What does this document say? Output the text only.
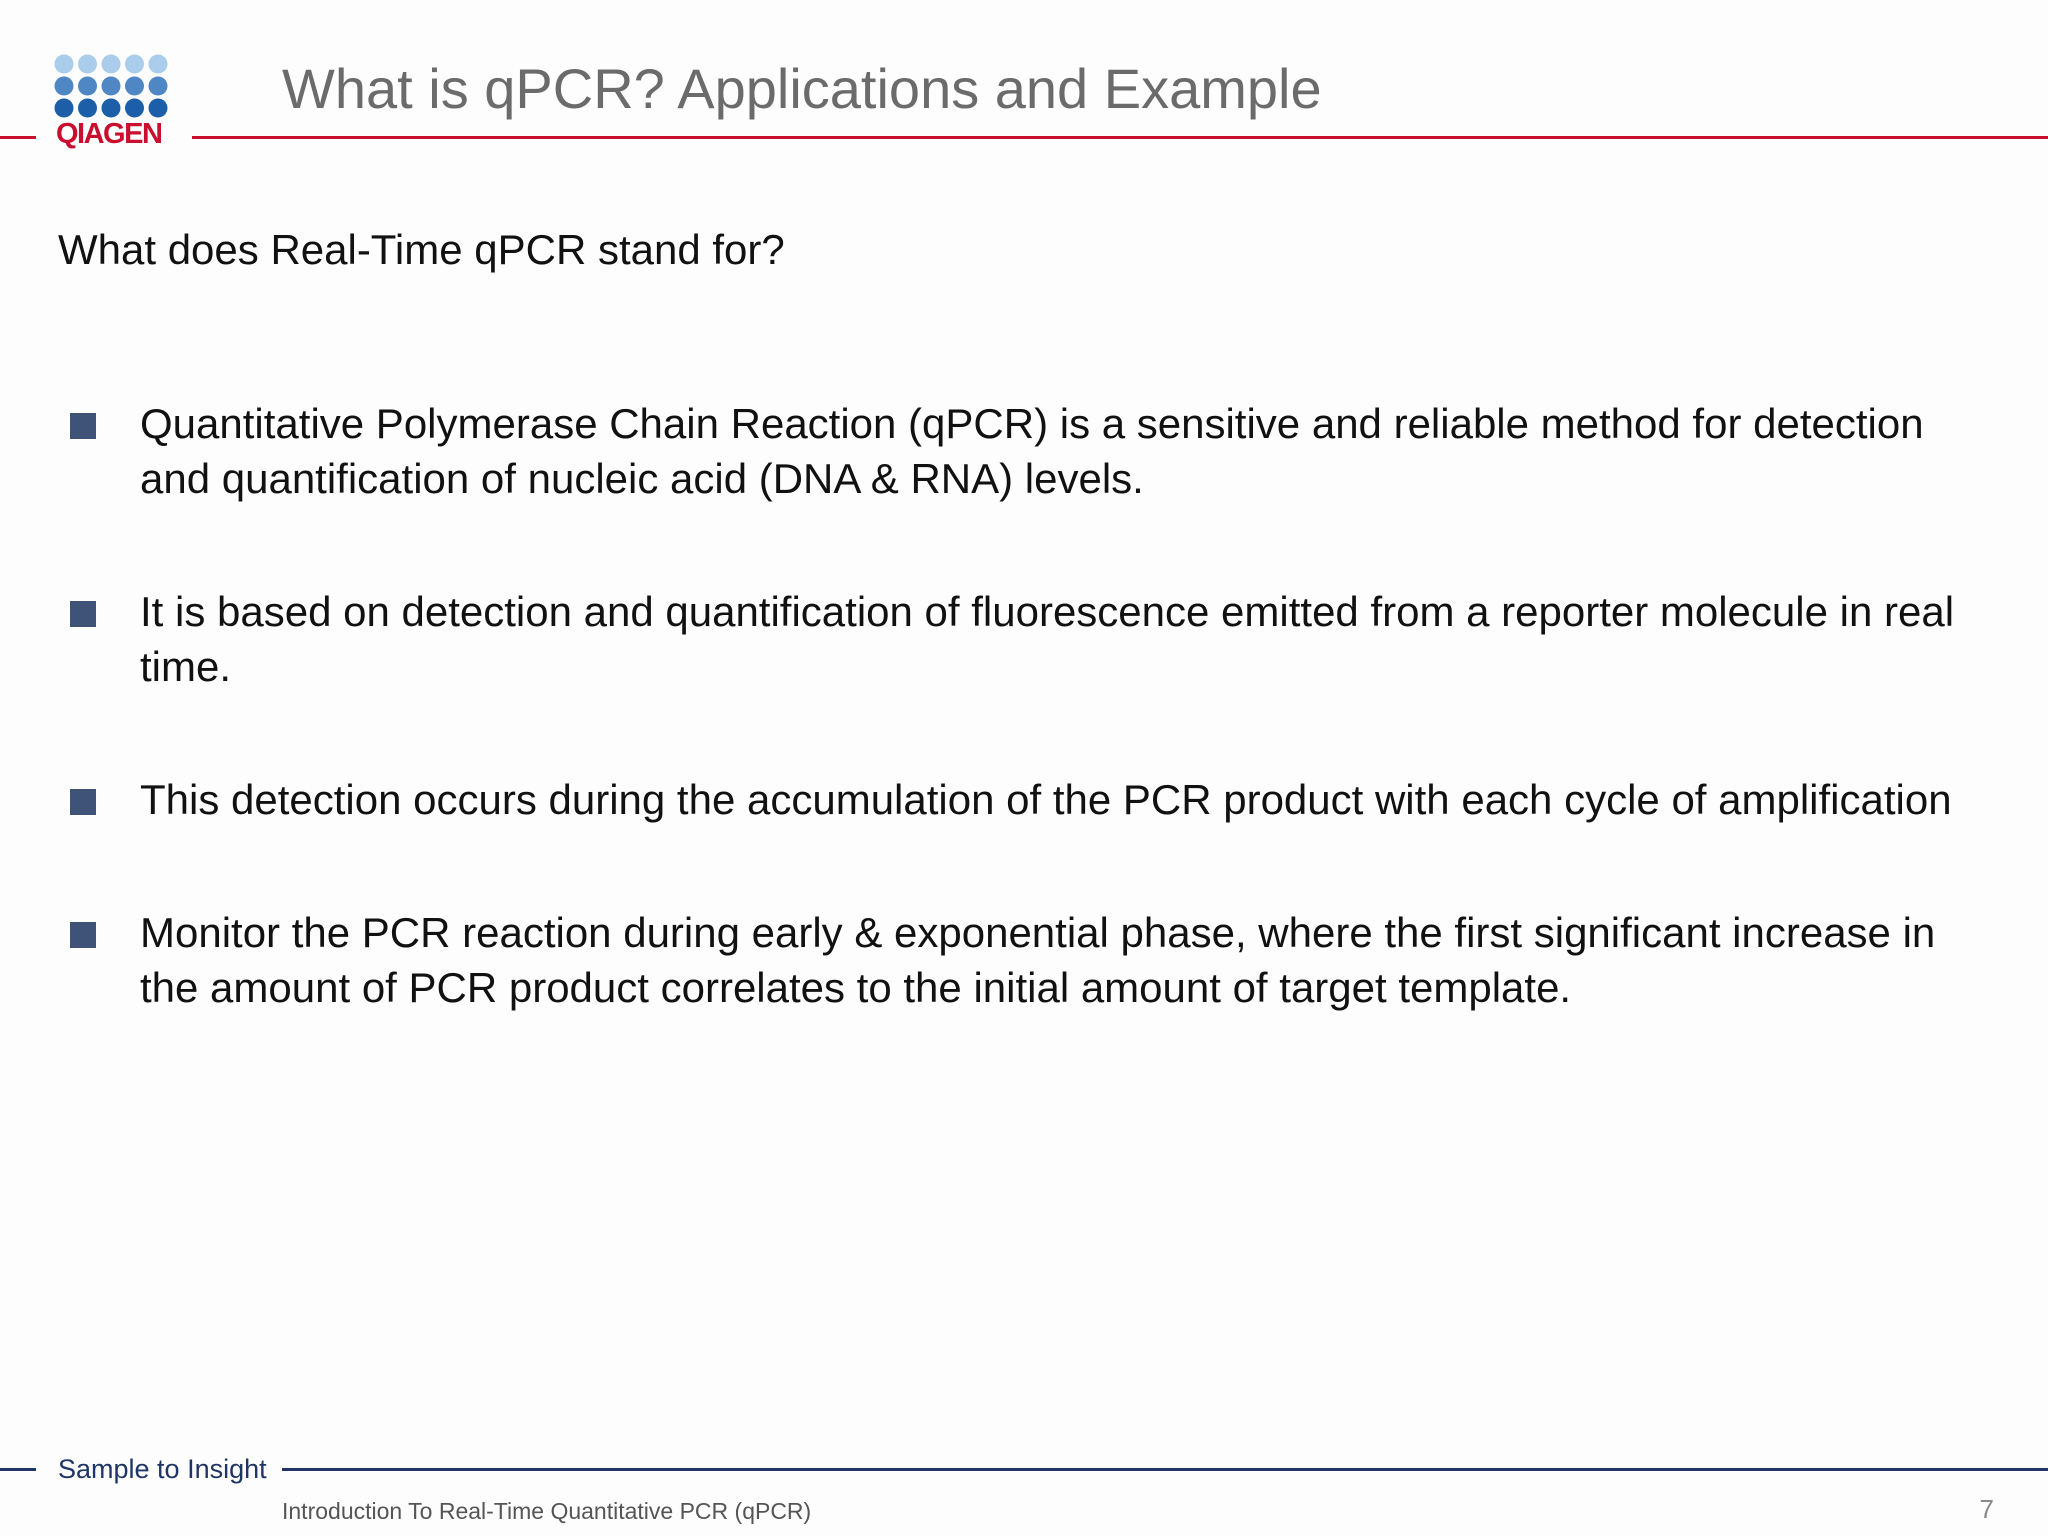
QIAGEN
What is qPCR? Applications and Example
What does Real-Time qPCR stand for?
Quantitative Polymerase Chain Reaction (qPCR) is a sensitive and reliable method for detection and quantification of nucleic acid (DNA & RNA) levels.
It is based on detection and quantification of fluorescence emitted from a reporter molecule in real time.
This detection occurs during the accumulation of the PCR product with each cycle of amplification
Monitor the PCR reaction during early & exponential phase, where the first significant increase in the amount of PCR product correlates to the initial amount of target template.
Sample to Insight
Introduction To Real-Time Quantitative PCR (qPCR)	7
